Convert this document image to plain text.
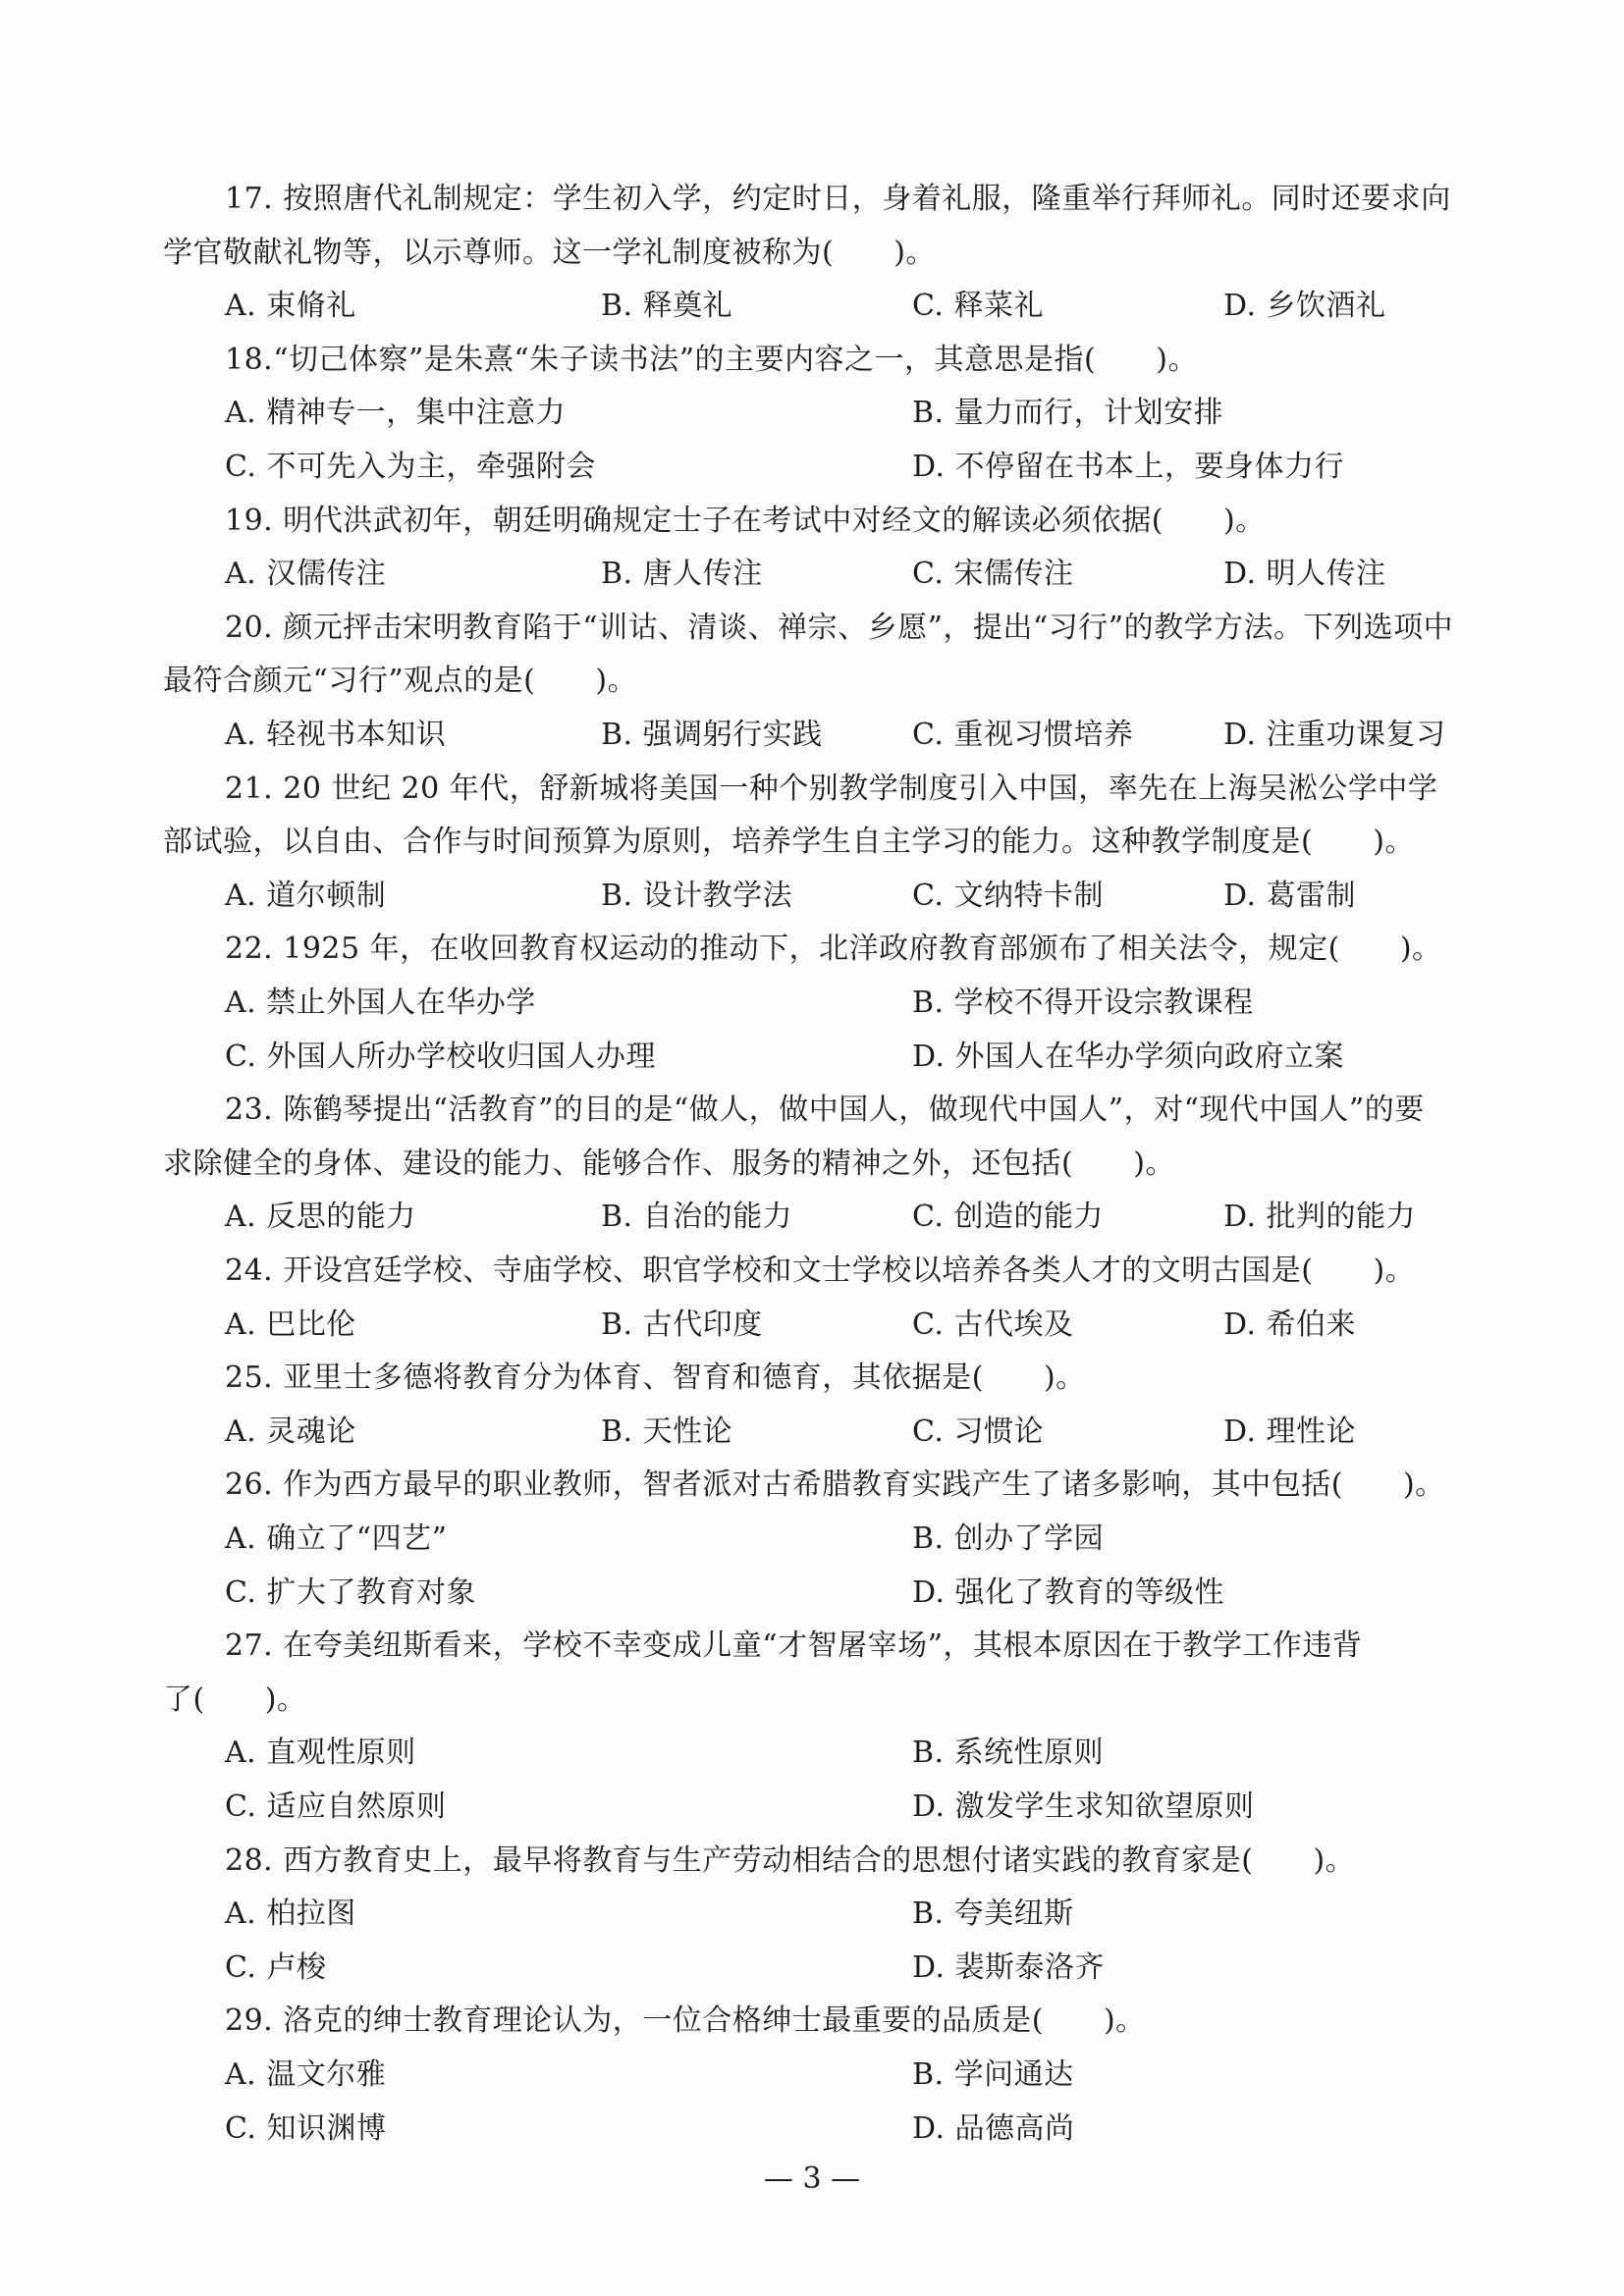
17. 按照唐代礼制规定：学生初入学，约定时日，身着礼服，隆重举行拜师礼。同时还要求向
学官敬献礼物等，以示尊师。这一学礼制度被称为(　　)。
A. 束脩礼	B. 释奠礼	C. 释菜礼	D. 乡饮酒礼
18.“切己体察”是朱熹“朱子读书法”的主要内容之一，其意思是指(　　)。
A. 精神专一，集中注意力	B. 量力而行，计划安排
C. 不可先入为主，牵强附会	D. 不停留在书本上，要身体力行
19. 明代洪武初年，朝廷明确规定士子在考试中对经文的解读必须依据(　　)。
A. 汉儒传注	B. 唐人传注	C. 宋儒传注	D. 明人传注
20. 颜元抨击宋明教育陷于“训诂、清谈、禅宗、乡愿”，提出“习行”的教学方法。下列选项中
最符合颜元“习行”观点的是(　　)。
A. 轻视书本知识	B. 强调躬行实践	C. 重视习惯培养	D. 注重功课复习
21. 20 世纪 20 年代，舒新城将美国一种个别教学制度引入中国，率先在上海吴淞公学中学
部试验，以自由、合作与时间预算为原则，培养学生自主学习的能力。这种教学制度是(　　)。
A. 道尔顿制	B. 设计教学法	C. 文纳特卡制	D. 葛雷制
22. 1925 年，在收回教育权运动的推动下，北洋政府教育部颁布了相关法令，规定(　　)。
A. 禁止外国人在华办学	B. 学校不得开设宗教课程
C. 外国人所办学校收归国人办理	D. 外国人在华办学须向政府立案
23. 陈鹤琴提出“活教育”的目的是“做人，做中国人，做现代中国人”，对“现代中国人”的要
求除健全的身体、建设的能力、能够合作、服务的精神之外，还包括(　　)。
A. 反思的能力	B. 自治的能力	C. 创造的能力	D. 批判的能力
24. 开设宫廷学校、寺庙学校、职官学校和文士学校以培养各类人才的文明古国是(　　)。
A. 巴比伦	B. 古代印度	C. 古代埃及	D. 希伯来
25. 亚里士多德将教育分为体育、智育和德育，其依据是(　　)。
A. 灵魂论	B. 天性论	C. 习惯论	D. 理性论
26. 作为西方最早的职业教师，智者派对古希腊教育实践产生了诸多影响，其中包括(　　)。
A. 确立了“四艺”	B. 创办了学园
C. 扩大了教育对象	D. 强化了教育的等级性
27. 在夸美纽斯看来，学校不幸变成儿童“才智屠宰场”，其根本原因在于教学工作违背
了(　　)。
A. 直观性原则	B. 系统性原则
C. 适应自然原则	D. 激发学生求知欲望原则
28. 西方教育史上，最早将教育与生产劳动相结合的思想付诸实践的教育家是(　　)。
A. 柏拉图	B. 夸美纽斯
C. 卢梭	D. 裴斯泰洛齐
29. 洛克的绅士教育理论认为，一位合格绅士最重要的品质是(　　)。
A. 温文尔雅	B. 学问通达
C. 知识渊博	D. 品德高尚
— 3 —
